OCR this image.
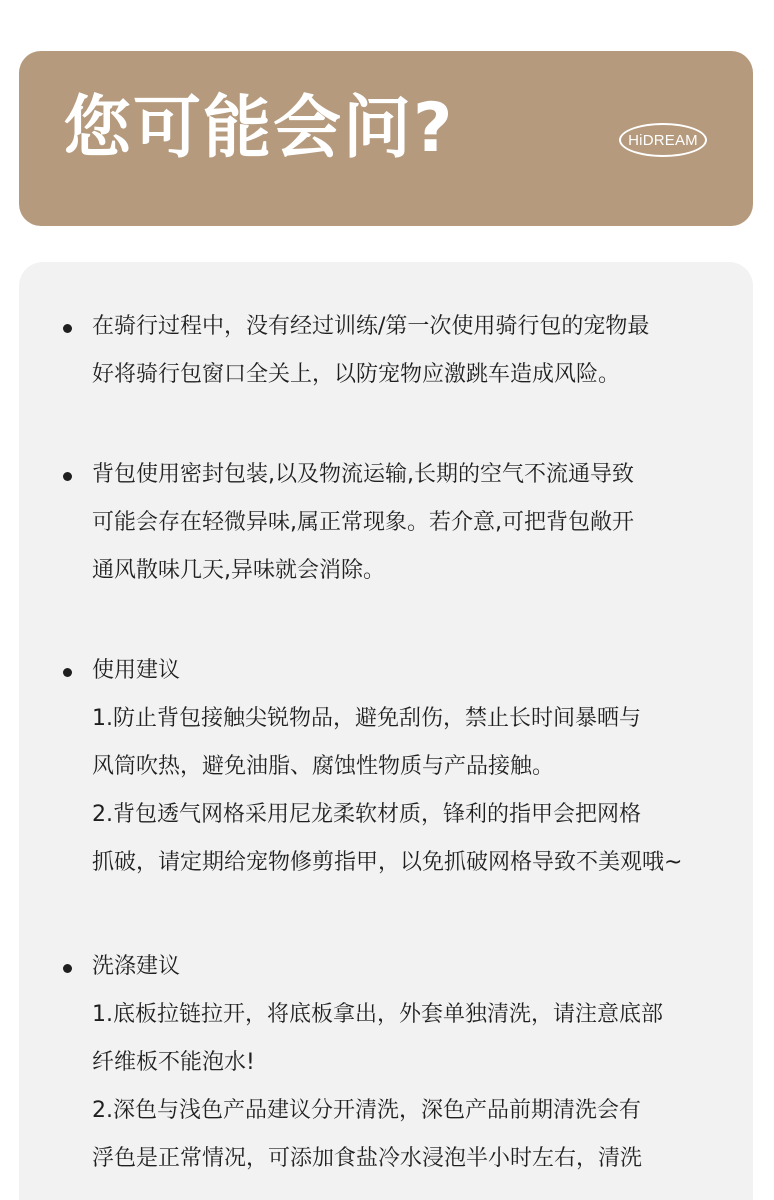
您可能会问?	HiDREAM
在骑行过程中，没有经过训练/第一次使用骑行包的宠物最
好将骑行包窗口全关上，以防宠物应激跳车造成风险。
背包使用密封包装,以及物流运输,长期的空气不流通导致
可能会存在轻微异味,属正常现象。若介意,可把背包敞开
通风散味几天,异味就会消除。
使用建议
1.防止背包接触尖锐物品，避免刮伤，禁止长时间暴晒与
风筒吹热，避免油脂、腐蚀性物质与产品接触。
2.背包透气网格采用尼龙柔软材质，锋利的指甲会把网格
抓破，请定期给宠物修剪指甲，以免抓破网格导致不美观哦~
洗涤建议
1.底板拉链拉开，将底板拿出，外套单独清洗，请注意底部
纤维板不能泡水!
2.深色与浅色产品建议分开清洗，深色产品前期清洗会有
浮色是正常情况，可添加食盐冷水浸泡半小时左右，清洗
